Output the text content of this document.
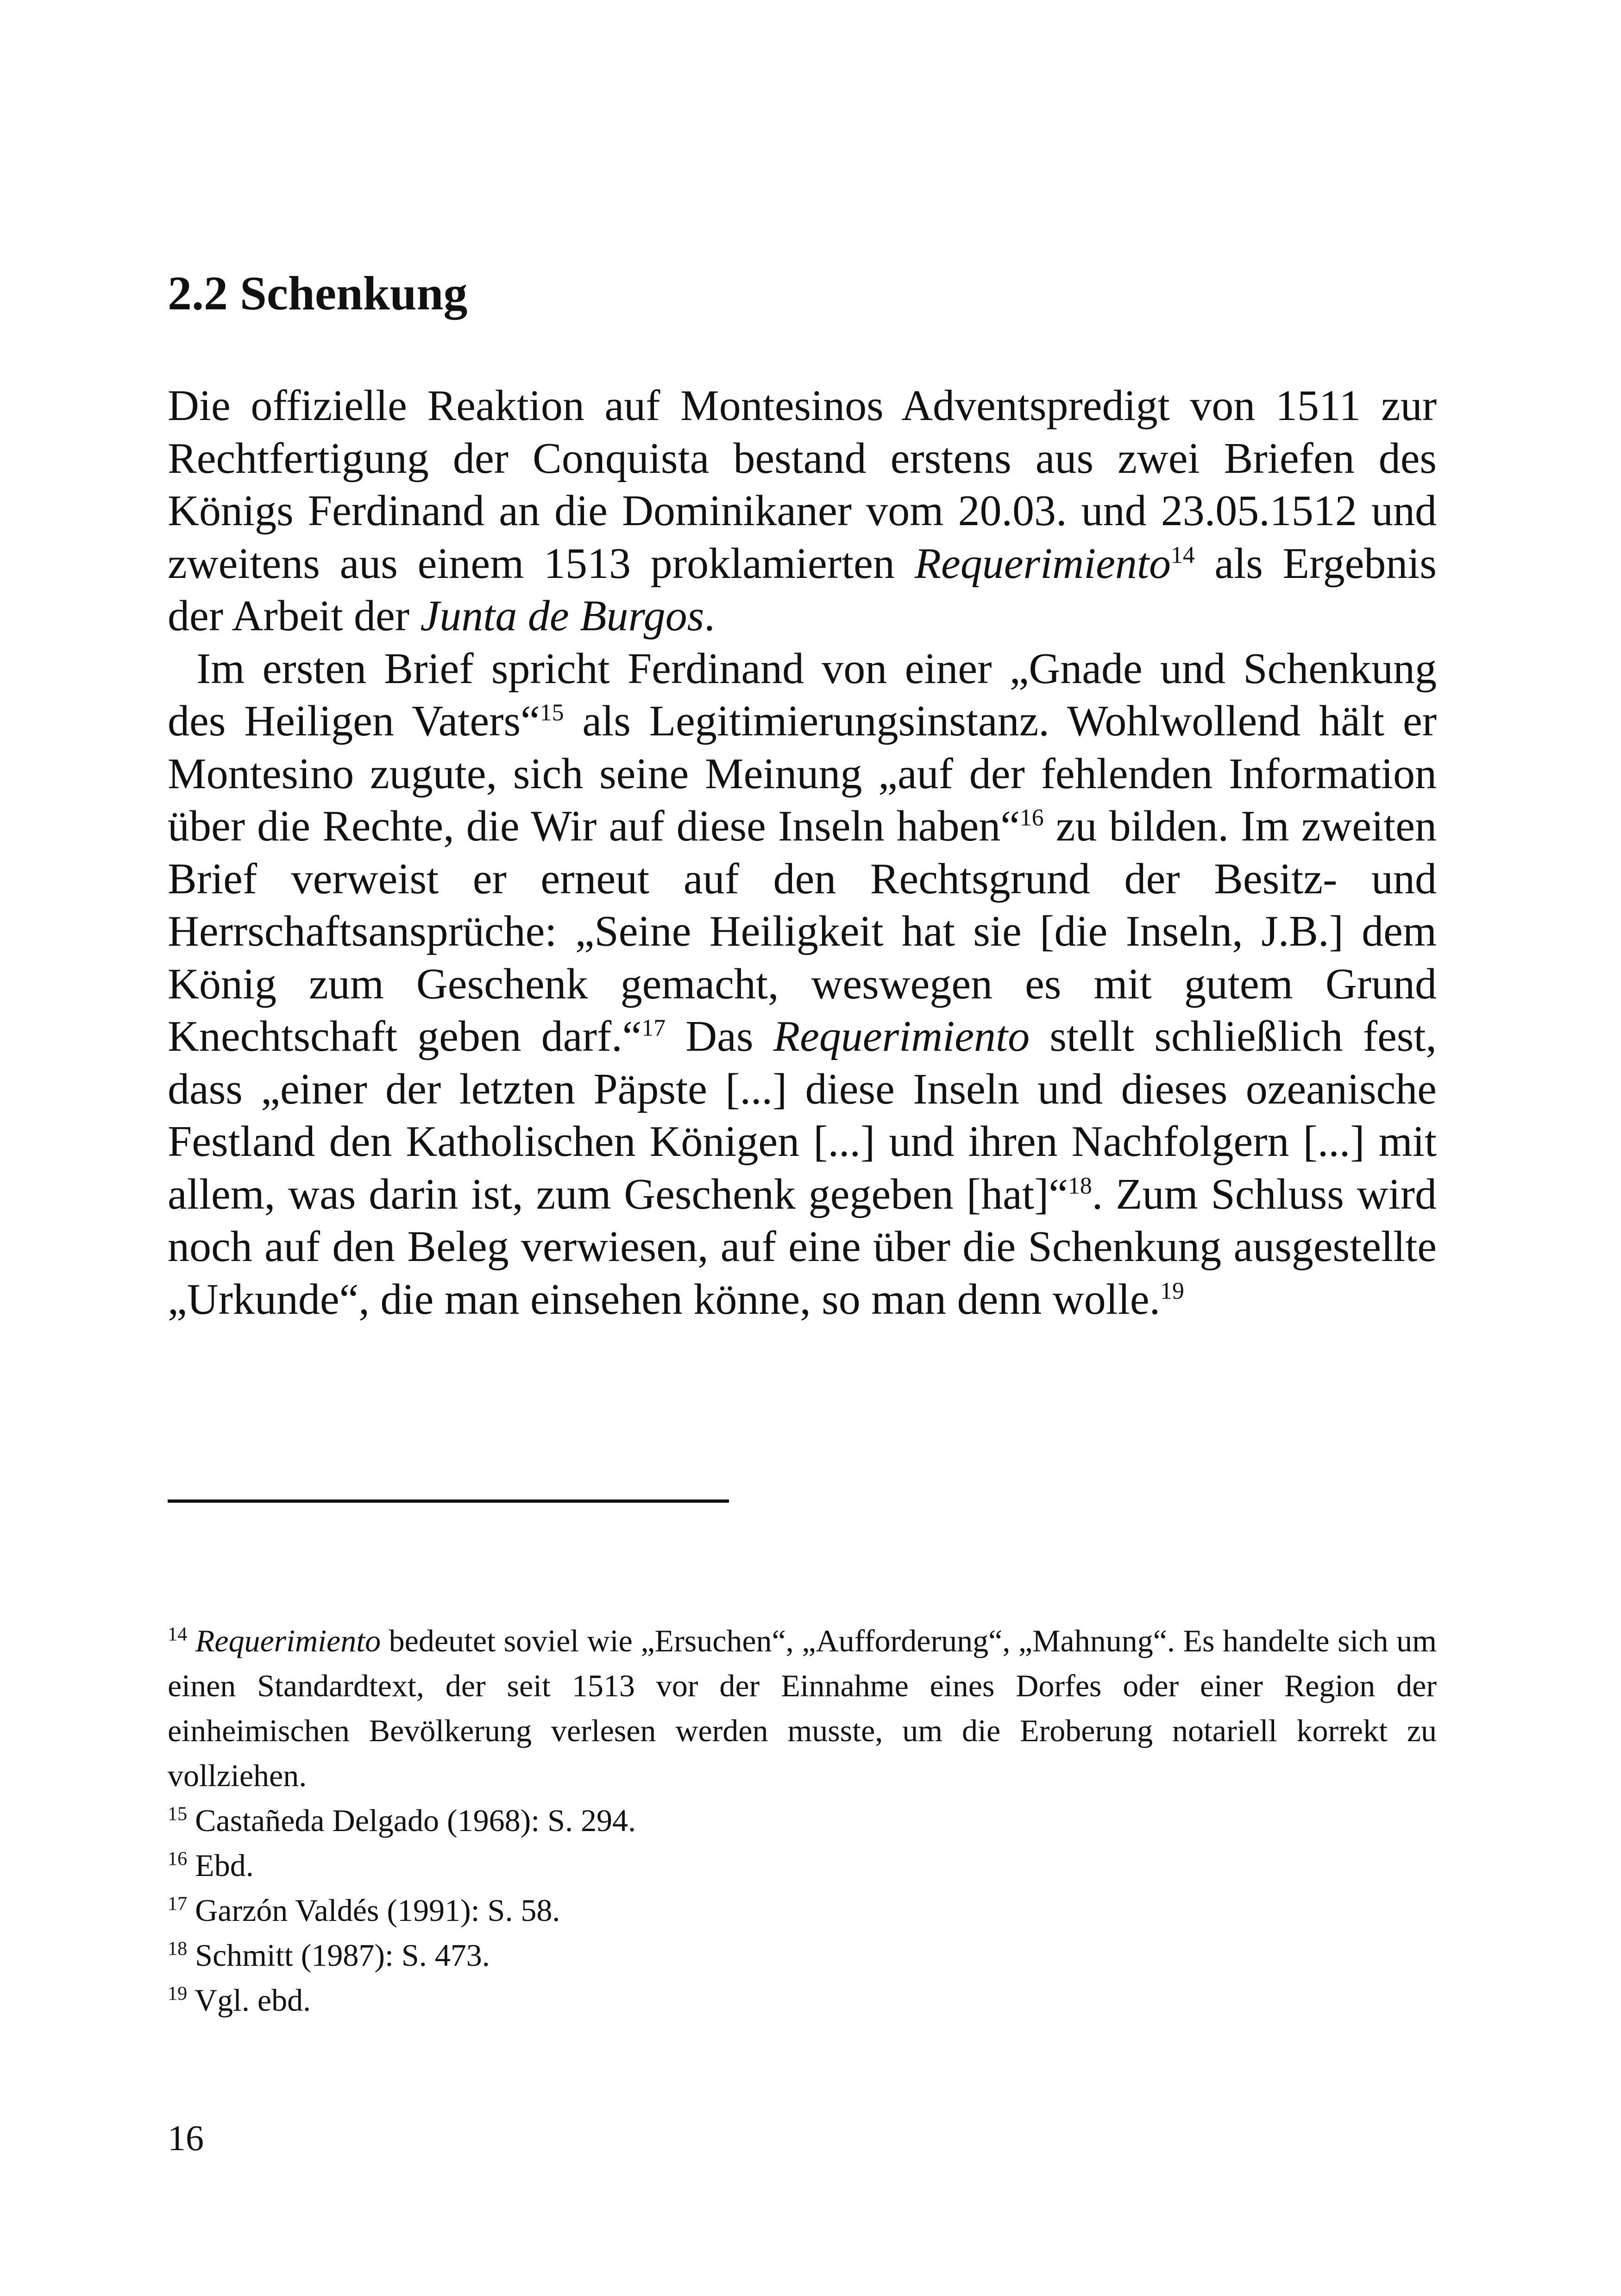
2.2 Schenkung

Die offizielle Reaktion auf Montesinos Adventspredigt von 1511 zur Rechtfertigung der Conquista bestand erstens aus zwei Briefen des Königs Ferdinand an die Dominikaner vom 20.03. und 23.05.1512 und zweitens aus einem 1513 proklamierten Requerimiento$^{14}$ als Ergebnis der Arbeit der Junta de Burgos.

Im ersten Brief spricht Ferdinand von einer „Gnade und Schenkung des Heiligen Vaters“$^{15}$ als Legitimierungsinstanz. Wohlwollend hält er Montesino zugute, sich seine Meinung „auf der fehlenden Information über die Rechte, die Wir auf diese Inseln haben“$^{16}$ zu bilden. Im zweiten Brief verweist er erneut auf den Rechtsgrund der Besitz- und Herrschaftsansprüche: „Seine Heiligkeit hat sie [die Inseln, J.B.] dem König zum Geschenk gemacht, weswegen es mit gutem Grund Knechtschaft geben darf.“$^{17}$ Das Requerimiento stellt schließlich fest, dass „einer der letzten Päpste [...] diese Inseln und dieses ozeanische Festland den Katholischen Königen [...] und ihren Nachfolgern [...] mit allem, was darin ist, zum Geschenk gegeben [hat]“$^{18}$. Zum Schluss wird noch auf den Beleg verwiesen, auf eine über die Schenkung ausgestellte „Urkunde“, die man einsehen könne, so man denn wolle.$^{19}$

$^{14}$ Requerimiento bedeutet soviel wie „Ersuchen“, „Aufforderung“, „Mahnung“. Es handelte sich um einen Standardtext, der seit 1513 vor der Einnahme eines Dorfes oder einer Region der einheimischen Bevölkerung verlesen werden musste, um die Eroberung notariell korrekt zu vollziehen.

$^{15}$ Castañeda Delgado (1968): S. 294.

$^{16}$ Ebd.

$^{17}$ Garzón Valdés (1991): S. 58.

$^{18}$ Schmitt (1987): S. 473.

$^{19}$ Vgl. ebd.

16
